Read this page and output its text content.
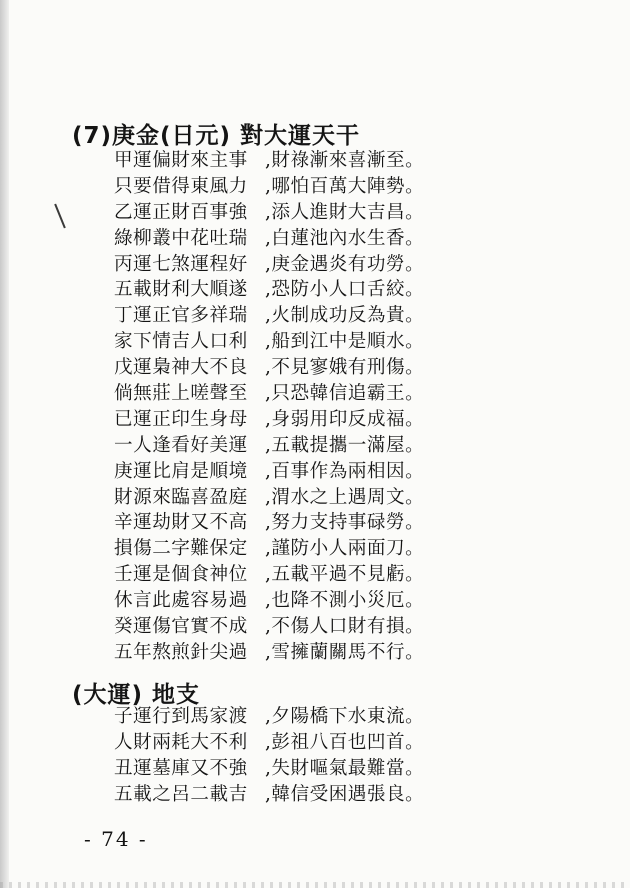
(7)庚金(日元) 對大運天干
甲運偏財來主事 ,財祿漸來喜漸至。
只要借得東風力 ,哪怕百萬大陣勢。
乙運正財百事強 ,添人進財大吉昌。
綠柳叢中花吐瑞 ,白蓮池內水生香。
丙運七煞運程好 ,庚金遇炎有功勞。
五載財利大順遂 ,恐防小人口舌絞。
丁運正官多祥瑞 ,火制成功反為貴。
家下情吉人口利 ,船到江中是順水。
戊運梟神大不良 ,不見寥娥有刑傷。
倘無莊上嗟聲至 ,只恐韓信追霸王。
已運正印生身母 ,身弱用印反成福。
一人逢看好美運 ,五載提攜一滿屋。
庚運比肩是順境 ,百事作為兩相因。
財源來臨喜盈庭 ,渭水之上遇周文。
辛運劫財又不高 ,努力支持事碌勞。
損傷二字難保定 ,謹防小人兩面刀。
壬運是個食神位 ,五載平過不見虧。
休言此處容易過 ,也降不測小災厄。
癸運傷官實不成 ,不傷人口財有損。
五年熬煎針尖過 ,雪擁蘭關馬不行。
(大運) 地支
子運行到馬家渡 ,夕陽橋下水東流。
人財兩耗大不利 ,彭祖八百也凹首。
丑運墓庫又不強 ,失財嘔氣最難當。
五載之呂二載吉 ,韓信受困遇張良。
- 74 -
